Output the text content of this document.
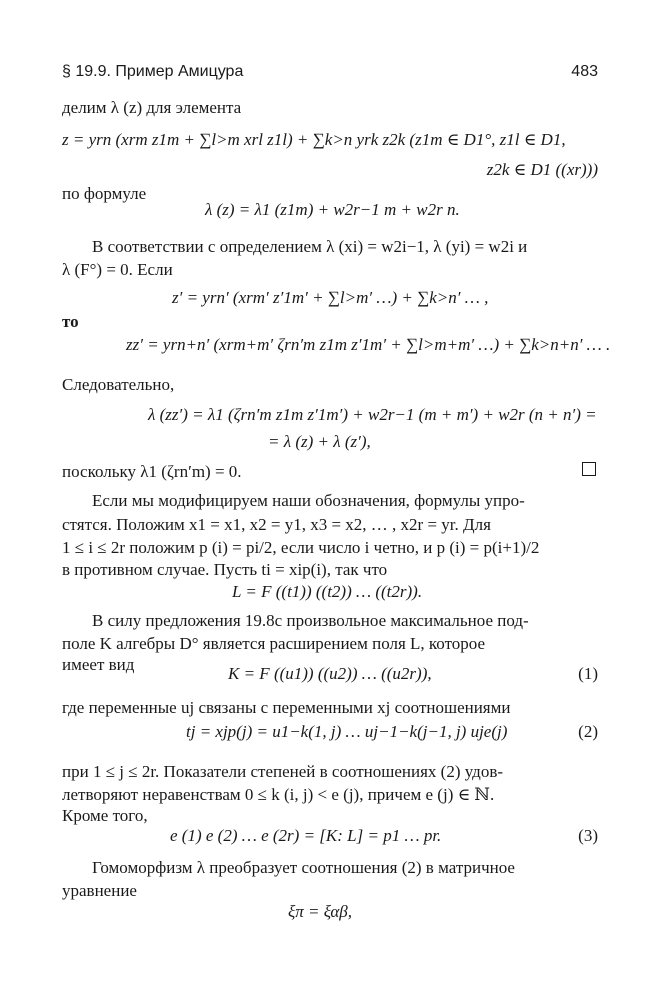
§ 19.9. Пример Амицура	483
делим λ (z) для элемента
z = yrn (xrm z1m + ∑l>m xrl z1l) + ∑k>n yrk z2k (z1m ∈ D1°, z1l ∈ D1,
z2k ∈ D1 ((xr)))
по формуле
λ (z) = λ1 (z1m) + w2r−1 m + w2r n.
В соответствии с определением λ (xi) = w2i−1, λ (yi) = w2i и
λ (F°) = 0. Если
z′ = yrn′ (xrm′ z′1m′ + ∑l>m′ …) + ∑k>n′ … ,
то
zz′ = yrn+n′ (xrm+m′ ζrn′m z1m z′1m′ + ∑l>m+m′ …) + ∑k>n+n′ … .
Следовательно,
λ (zz′) = λ1 (ζrn′m z1m z′1m′) + w2r−1 (m + m′) + w2r (n + n′) =
= λ (z) + λ (z′),
поскольку λ1 (ζrn′m) = 0.
Если мы модифицируем наши обозначения, формулы упро-
стятся. Положим x1 = x1, x2 = y1, x3 = x2, … , x2r = yr. Для
1 ≤ i ≤ 2r положим p (i) = pi/2, если число i четно, и p (i) = p(i+1)/2
в противном случае. Пусть ti = xip(i), так что
L = F ((t1)) ((t2)) … ((t2r)).
В силу предложения 19.8с произвольное максимальное под-
поле K алгебры D° является расширением поля L, которое
имеет вид	K = F ((u1)) ((u2)) … ((u2r)),	(1)
где переменные uj связаны с переменными xj соотношениями
tj = xjp(j) = u1−k(1, j) … uj−1−k(j−1, j) uje(j)	(2)
при 1 ≤ j ≤ 2r. Показатели степеней в соотношениях (2) удов-
летворяют неравенствам 0 ≤ k (i, j) < e (j), причем e (j) ∈ ℕ.
Кроме того,
e (1) e (2) … e (2r) = [K: L] = p1 … pr.	(3)
Гомоморфизм λ преобразует соотношения (2) в матричное
уравнение
ξπ = ξαβ,
